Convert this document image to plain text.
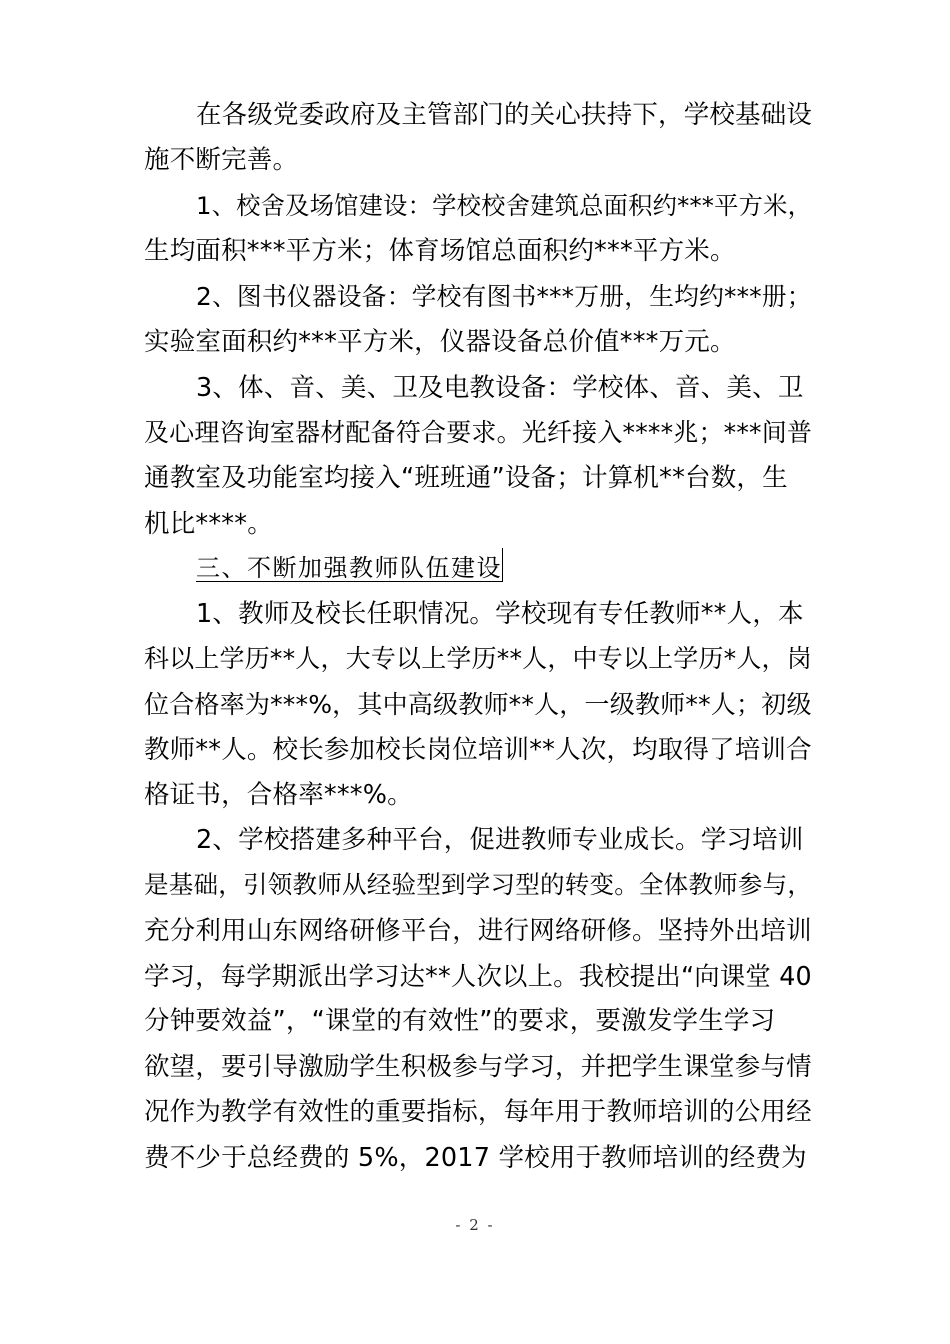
在各级党委政府及主管部门的关心扶持下，学校基础设
施不断完善。
1、校舍及场馆建设：学校校舍建筑总面积约***平方米，
生均面积***平方米；体育场馆总面积约***平方米。
2、图书仪器设备：学校有图书***万册，生均约***册；
实验室面积约***平方米，仪器设备总价值***万元。
3、体、音、美、卫及电教设备：学校体、音、美、卫
及心理咨询室器材配备符合要求。光纤接入****兆；***间普
通教室及功能室均接入“班班通”设备；计算机**台数，生
机比****。
三、不断加强教师队伍建设
1、教师及校长任职情况。学校现有专任教师**人，本
科以上学历**人，大专以上学历**人，中专以上学历*人，岗
位合格率为***%，其中高级教师**人，一级教师**人；初级
教师**人。校长参加校长岗位培训**人次，均取得了培训合
格证书，合格率***%。
2、学校搭建多种平台，促进教师专业成长。学习培训
是基础，引领教师从经验型到学习型的转变。全体教师参与，
充分利用山东网络研修平台，进行网络研修。坚持外出培训
学习，每学期派出学习达**人次以上。我校提出“向课堂 40
分钟要效益”，“课堂的有效性”的要求，要激发学生学习
欲望，要引导激励学生积极参与学习，并把学生课堂参与情
况作为教学有效性的重要指标，每年用于教师培训的公用经
费不少于总经费的 5%，2017 学校用于教师培训的经费为
- 2 -
